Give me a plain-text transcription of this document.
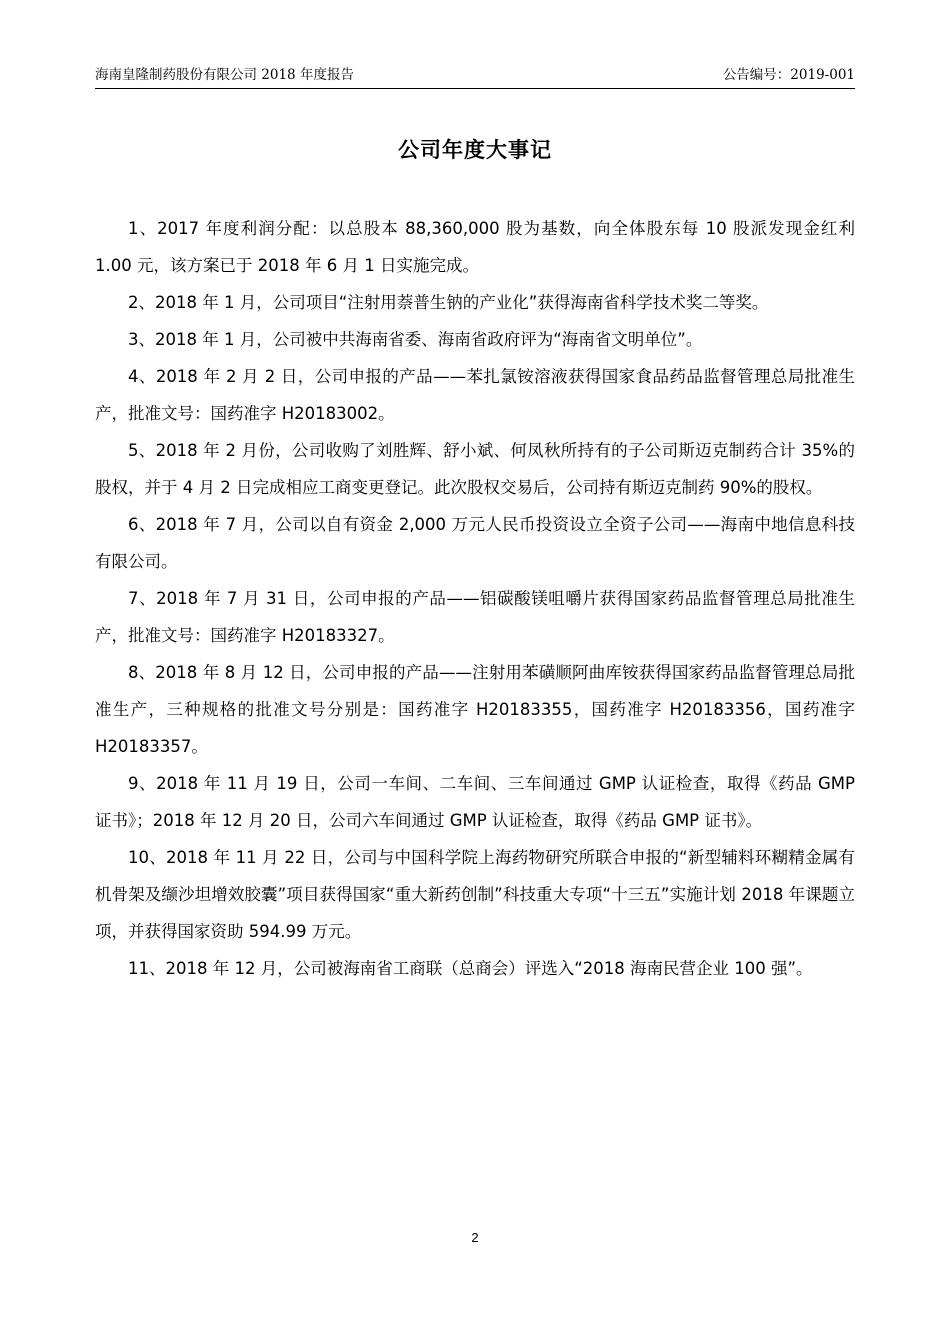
海南皇隆制药股份有限公司 2018 年度报告	公告编号：2019-001
公司年度大事记

1、2017 年度利润分配：以总股本 88,360,000 股为基数，向全体股东每 10 股派发现金红利 1.00 元，该方案已于 2018 年 6 月 1 日实施完成。

2、2018 年 1 月，公司项目“注射用萘普生钠的产业化”获得海南省科学技术奖二等奖。

3、2018 年 1 月，公司被中共海南省委、海南省政府评为“海南省文明单位”。

4、2018 年 2 月 2 日，公司申报的产品——苯扎氯铵溶液获得国家食品药品监督管理总局批准生产，批准文号：国药准字 H20183002。

5、2018 年 2 月份，公司收购了刘胜辉、舒小斌、何凤秋所持有的子公司斯迈克制药合计 35%的股权，并于 4 月 2 日完成相应工商变更登记。此次股权交易后，公司持有斯迈克制药 90%的股权。

6、2018 年 7 月，公司以自有资金 2,000 万元人民币投资设立全资子公司——海南中地信息科技有限公司。

7、2018 年 7 月 31 日，公司申报的产品——铝碳酸镁咀嚼片获得国家药品监督管理总局批准生产，批准文号：国药准字 H20183327。

8、2018 年 8 月 12 日，公司申报的产品——注射用苯磺顺阿曲库铵获得国家药品监督管理总局批准生产，三种规格的批准文号分别是：国药准字 H20183355，国药准字 H20183356，国药准字 H20183357。

9、2018 年 11 月 19 日，公司一车间、二车间、三车间通过 GMP 认证检查，取得《药品 GMP 证书》；2018 年 12 月 20 日，公司六车间通过 GMP 认证检查，取得《药品 GMP 证书》。

10、2018 年 11 月 22 日，公司与中国科学院上海药物研究所联合申报的“新型辅料环糊精金属有机骨架及缬沙坦增效胶囊”项目获得国家“重大新药创制”科技重大专项“十三五”实施计划 2018 年课题立项，并获得国家资助 594.99 万元。

11、2018 年 12 月，公司被海南省工商联（总商会）评选入“2018 海南民营企业 100 强”。

2
